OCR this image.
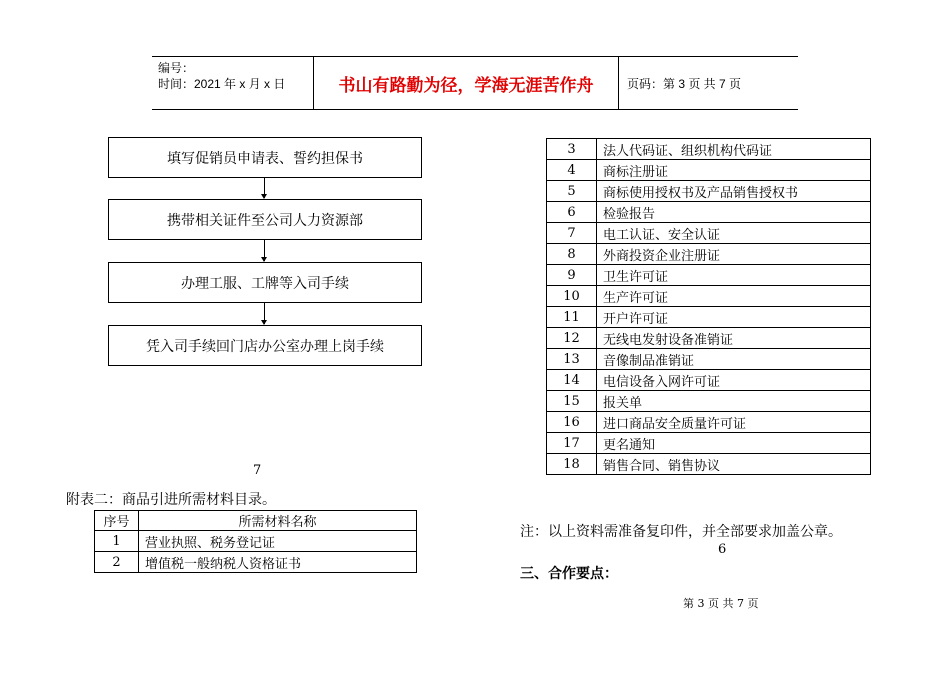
编号：
时间：2021 年 x 月 x 日	书山有路勤为径，学海无涯苦作舟	页码：第 3 页 共 7 页
填写促销员申请表、誓约担保书
携带相关证件至公司人力资源部
办理工服、工牌等入司手续
凭入司手续回门店办公室办理上岗手续
7
附表二：商品引进所需材料目录。
序号	所需材料名称
1	营业执照、税务登记证
2	增值税一般纳税人资格证书
3	法人代码证、组织机构代码证
4	商标注册证
5	商标使用授权书及产品销售授权书
6	检验报告
7	电工认证、安全认证
8	外商投资企业注册证
9	卫生许可证
10	生产许可证
11	开户许可证
12	无线电发射设备准销证
13	音像制品准销证
14	电信设备入网许可证
15	报关单
16	进口商品安全质量许可证
17	更名通知
18	销售合同、销售协议
注：以上资料需准备复印件，并全部要求加盖公章。
6
三、合作要点：
第 3 页 共 7 页
